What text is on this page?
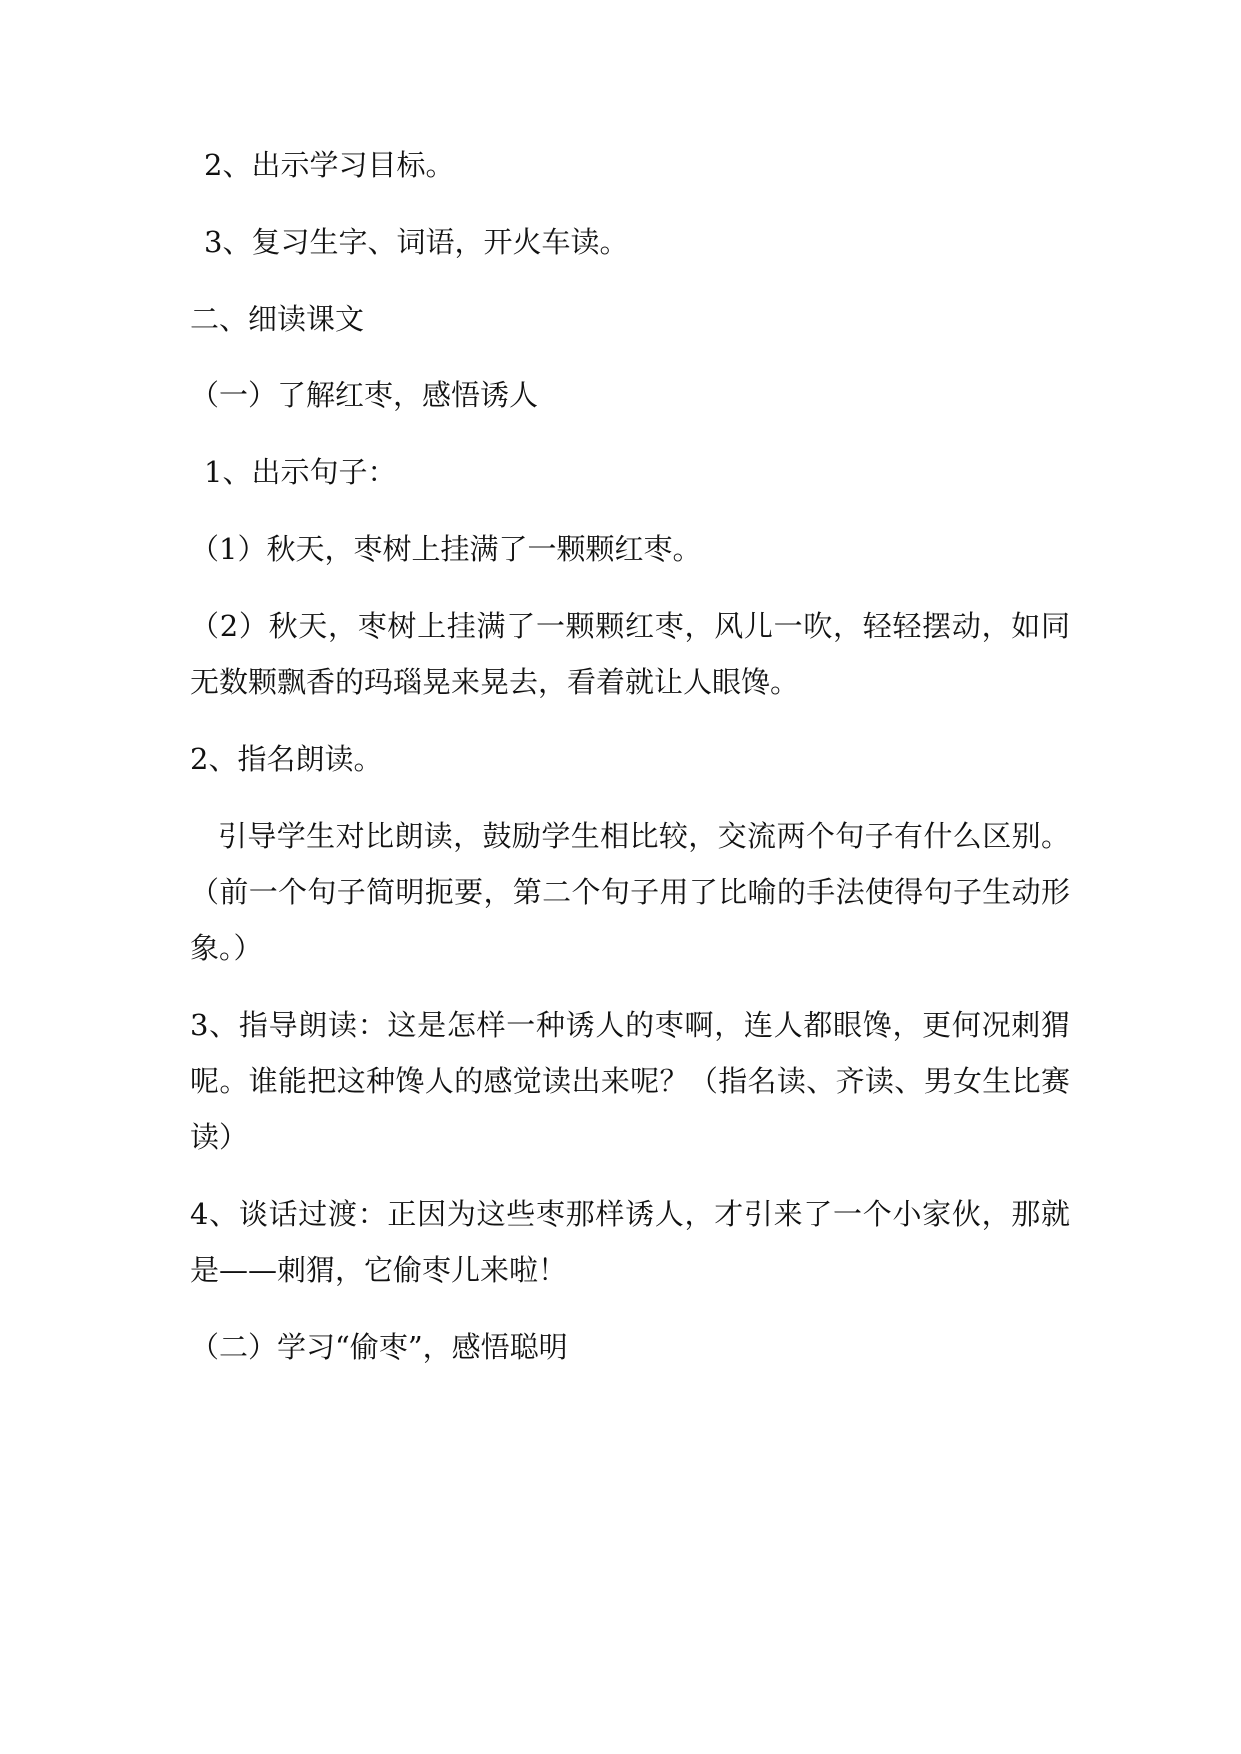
2、出示学习目标。
3、复习生字、词语，开火车读。
二、细读课文
（一）了解红枣，感悟诱人
1、出示句子：
（1）秋天，枣树上挂满了一颗颗红枣。
（2）秋天，枣树上挂满了一颗颗红枣，风儿一吹，轻轻摆动，如同
无数颗飘香的玛瑙晃来晃去，看着就让人眼馋。
2、指名朗读。
引导学生对比朗读，鼓励学生相比较，交流两个句子有什么区别。
（前一个句子简明扼要，第二个句子用了比喻的手法使得句子生动形
象。）
3、指导朗读：这是怎样一种诱人的枣啊，连人都眼馋，更何况刺猬
呢。谁能把这种馋人的感觉读出来呢？（指名读、齐读、男女生比赛
读）
4、谈话过渡：正因为这些枣那样诱人，才引来了一个小家伙，那就
是——刺猬，它偷枣儿来啦！
（二）学习“偷枣”，感悟聪明
